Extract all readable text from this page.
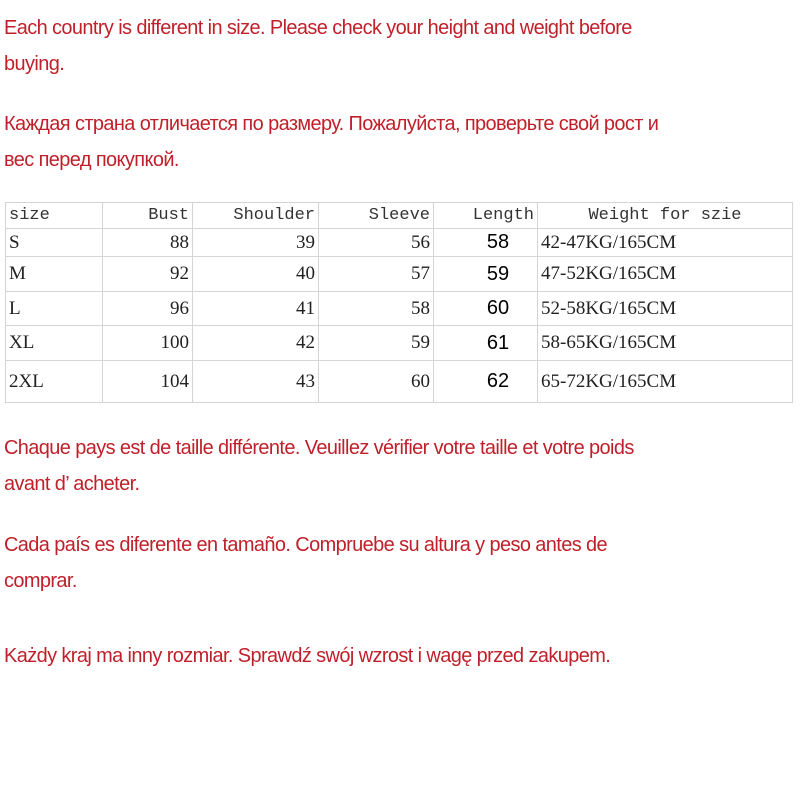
Each country is different in size. Please check your height and weight before
buying.
Каждая страна отличается по размеру. Пожалуйста, проверьте свой рост и
вес перед покупкой.
size	Bust	Shoulder	Sleeve	Length	Weight for szie
S	88	39	56	58	42-47KG/165CM
M	92	40	57	59	47-52KG/165CM
L	96	41	58	60	52-58KG/165CM
XL	100	42	59	61	58-65KG/165CM
2XL	104	43	60	62	65-72KG/165CM
Chaque pays est de taille différente. Veuillez vérifier votre taille et votre poids
avant d’ acheter.
Cada país es diferente en tamaño. Compruebe su altura y peso antes de
comprar.
Każdy kraj ma inny rozmiar. Sprawdź swój wzrost i wagę przed zakupem.
